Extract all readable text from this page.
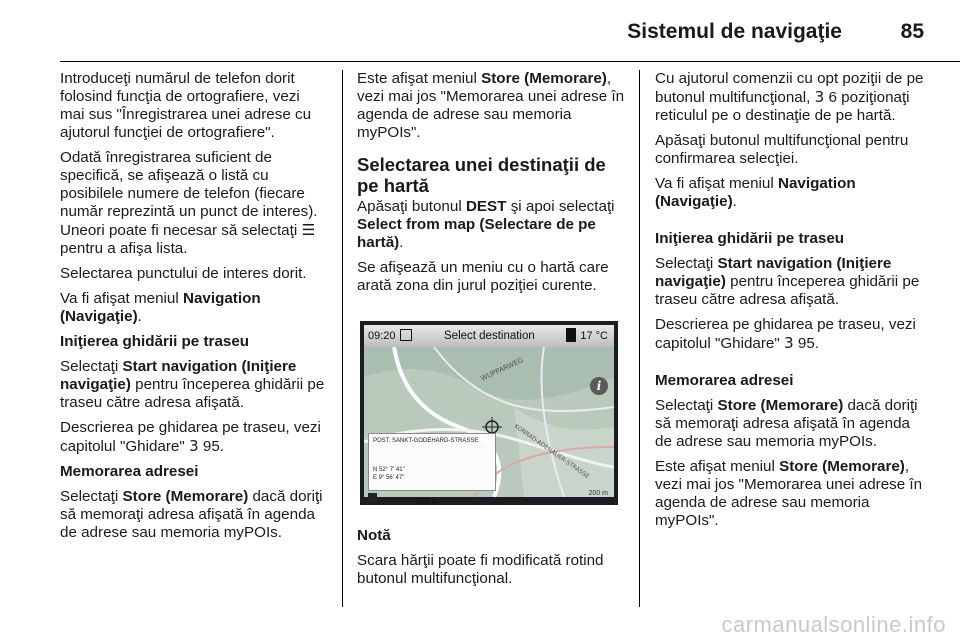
Sistemul de navigaţie	85

Introduceţi numărul de telefon dorit folosind funcţia de ortografiere, vezi mai sus "Înregistrarea unei adrese cu ajutorul funcţiei de ortografiere".

Odată înregistrarea suficient de specifică, se afişează o listă cu posibilele numere de telefon (fiecare număr reprezintă un punct de interes). Uneori poate fi necesar să selectaţi ☰ pentru a afişa lista.

Selectarea punctului de interes dorit.

Va fi afişat meniul Navigation (Navigaţie).

Iniţierea ghidării pe traseu

Selectaţi Start navigation (Iniţiere navigaţie) pentru începerea ghidării pe traseu către adresa afişată.

Descrierea pe ghidarea pe traseu, vezi capitolul "Ghidare" 3 95.

Memorarea adresei

Selectaţi Store (Memorare) dacă doriţi să memoraţi adresa afişată în agenda de adrese sau memoria myPOIs.

Este afişat meniul Store (Memorare), vezi mai jos "Memorarea unei adrese în agenda de adrese sau memoria myPOIs".

Selectarea unei destinaţii de pe hartă

Apăsaţi butonul DEST şi apoi selectaţi Select from map (Selectare de pe hartă).

Se afişează un meniu cu o hartă care arată zona din jurul poziţiei curente.

WUPPARWEG
KONRAD-ADENAUER-STRASSE
09:20	Select destination	17 °C
i
POST. SANKT-GODEHARD-STRASSE
N 52° 7' 41"
E 9° 56' 47"
350 m
200 m

Notă

Scara hărţii poate fi modificată rotind butonul multifuncţional.

Cu ajutorul comenzii cu opt poziţii de pe butonul multifuncţional, 3 6 poziţionaţi reticulul pe o destinaţie de pe hartă.

Apăsaţi butonul multifuncţional pentru confirmarea selecţiei.

Va fi afişat meniul Navigation (Navigaţie).

Iniţierea ghidării pe traseu

Selectaţi Start navigation (Iniţiere navigaţie) pentru începerea ghidării pe traseu către adresa afişată.

Descrierea pe ghidarea pe traseu, vezi capitolul "Ghidare" 3 95.

Memorarea adresei

Selectaţi Store (Memorare) dacă doriţi să memoraţi adresa afişată în agenda de adrese sau memoria myPOIs.

Este afişat meniul Store (Memorare), vezi mai jos "Memorarea unei adrese în agenda de adrese sau memoria myPOIs".

carmanualsonline.info
